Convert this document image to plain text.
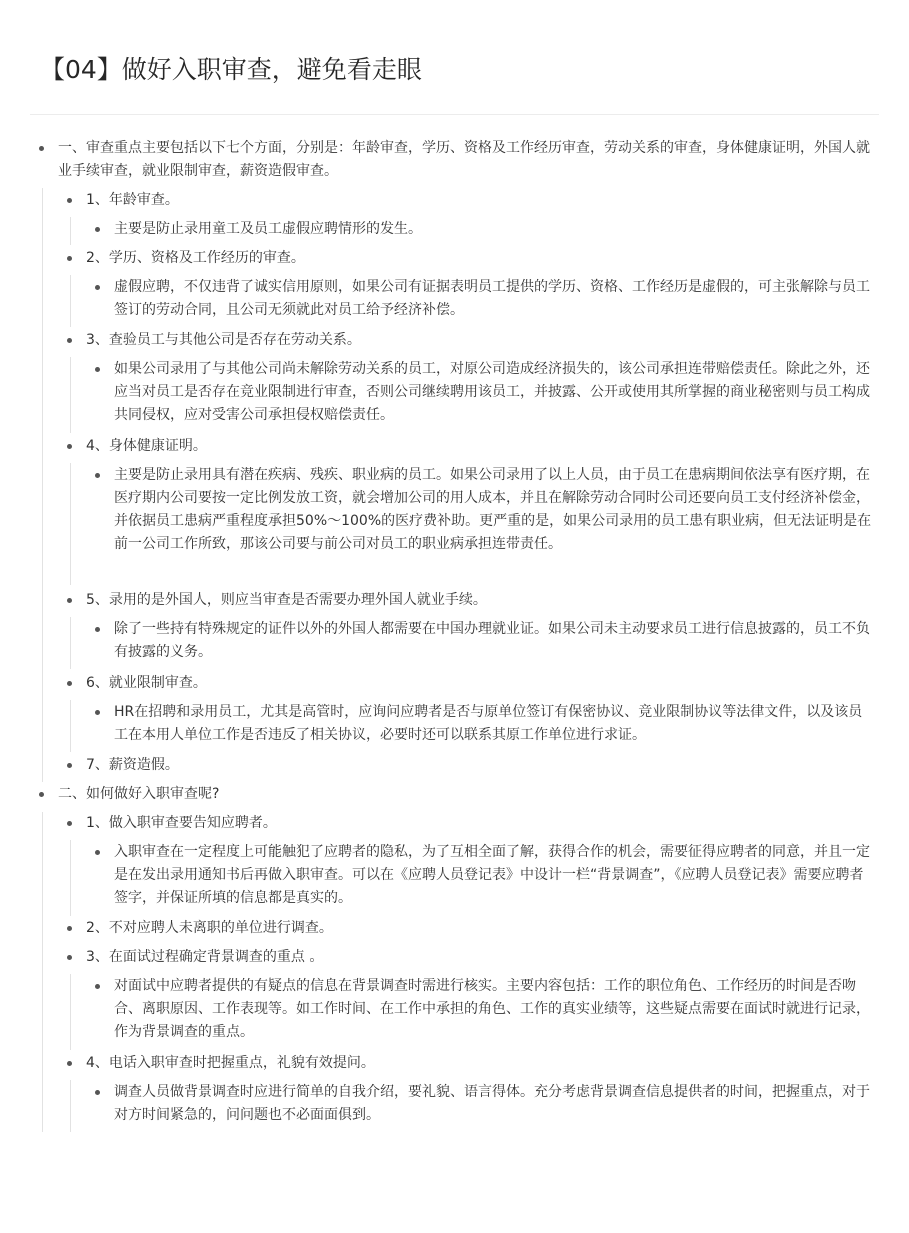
【04】做好入职审查，避免看走眼
一、审查重点主要包括以下七个方面，分别是：年龄审查，学历、资格及工作经历审查，劳动关系的审查，身体健康证明，外国人就业手续审查，就业限制审查，薪资造假审查。
1、年龄审查。
主要是防止录用童工及员工虚假应聘情形的发生。
2、学历、资格及工作经历的审查。
虚假应聘，不仅违背了诚实信用原则，如果公司有证据表明员工提供的学历、资格、工作经历是虚假的，可主张解除与员工签订的劳动合同，且公司无须就此对员工给予经济补偿。
3、查验员工与其他公司是否存在劳动关系。
如果公司录用了与其他公司尚未解除劳动关系的员工，对原公司造成经济损失的，该公司承担连带赔偿责任。除此之外，还应当对员工是否存在竞业限制进行审查，否则公司继续聘用该员工，并披露、公开或使用其所掌握的商业秘密则与员工构成共同侵权，应对受害公司承担侵权赔偿责任。
4、身体健康证明。
主要是防止录用具有潜在疾病、残疾、职业病的员工。如果公司录用了以上人员，由于员工在患病期间依法享有医疗期，在医疗期内公司要按一定比例发放工资，就会增加公司的用人成本，并且在解除劳动合同时公司还要向员工支付经济补偿金，并依据员工患病严重程度承担50%～100%的医疗费补助。更严重的是，如果公司录用的员工患有职业病，但无法证明是在前一公司工作所致，那该公司要与前公司对员工的职业病承担连带责任。
5、录用的是外国人，则应当审查是否需要办理外国人就业手续。
除了一些持有特殊规定的证件以外的外国人都需要在中国办理就业证。如果公司未主动要求员工进行信息披露的，员工不负有披露的义务。
6、就业限制审查。
HR在招聘和录用员工，尤其是高管时，应询问应聘者是否与原单位签订有保密协议、竞业限制协议等法律文件，以及该员工在本用人单位工作是否违反了相关协议，必要时还可以联系其原工作单位进行求证。
7、薪资造假。
二、如何做好入职审查呢?
1、做入职审查要告知应聘者。
入职审查在一定程度上可能触犯了应聘者的隐私，为了互相全面了解，获得合作的机会，需要征得应聘者的同意，并且一定是在发出录用通知书后再做入职审查。可以在《应聘人员登记表》中设计一栏“背景调查”，《应聘人员登记表》需要应聘者签字，并保证所填的信息都是真实的。
2、不对应聘人未离职的单位进行调查。
3、在面试过程确定背景调查的重点 。
对面试中应聘者提供的有疑点的信息在背景调查时需进行核实。主要内容包括：工作的职位角色、工作经历的时间是否吻合、离职原因、工作表现等。如工作时间、在工作中承担的角色、工作的真实业绩等，这些疑点需要在面试时就进行记录，作为背景调查的重点。
4、电话入职审查时把握重点，礼貌有效提问。
调查人员做背景调查时应进行简单的自我介绍，要礼貌、语言得体。充分考虑背景调查信息提供者的时间，把握重点，对于对方时间紧急的，问问题也不必面面俱到。
